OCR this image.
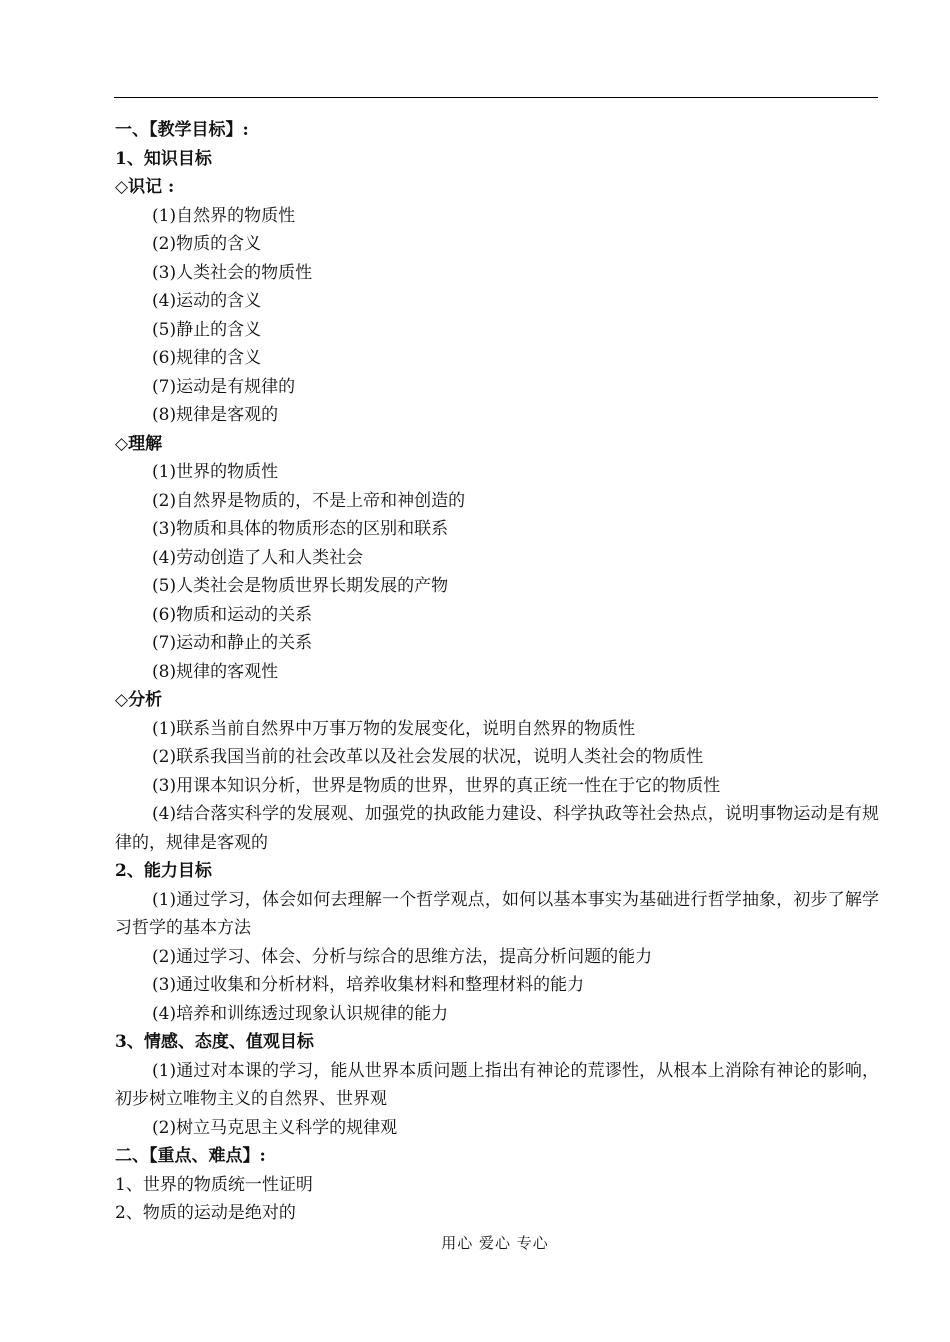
一、【教学目标】:
1、知识目标
◇识记 :
(1)自然界的物质性
(2)物质的含义
(3)人类社会的物质性
(4)运动的含义
(5)静止的含义
(6)规律的含义
(7)运动是有规律的
(8)规律是客观的
◇理解
(1)世界的物质性
(2)自然界是物质的，不是上帝和神创造的
(3)物质和具体的物质形态的区别和联系
(4)劳动创造了人和人类社会
(5)人类社会是物质世界长期发展的产物
(6)物质和运动的关系
(7)运动和静止的关系
(8)规律的客观性
◇分析
(1)联系当前自然界中万事万物的发展变化，说明自然界的物质性
(2)联系我国当前的社会改革以及社会发展的状况，说明人类社会的物质性
(3)用课本知识分析，世界是物质的世界，世界的真正统一性在于它的物质性
(4)结合落实科学的发展观、加强党的执政能力建设、科学执政等社会热点，说明事物运动是有规律的，规律是客观的
2、能力目标
(1)通过学习，体会如何去理解一个哲学观点，如何以基本事实为基础进行哲学抽象，初步了解学习哲学的基本方法
(2)通过学习、体会、分析与综合的思维方法，提高分析问题的能力
(3)通过收集和分析材料，培养收集材料和整理材料的能力
(4)培养和训练透过现象认识规律的能力
3、情感、态度、值观目标
(1)通过对本课的学习，能从世界本质问题上指出有神论的荒谬性，从根本上消除有神论的影响，初步树立唯物主义的自然界、世界观
(2)树立马克思主义科学的规律观
二、【重点、难点】:
1、世界的物质统一性证明
2、物质的运动是绝对的
用心 爱心 专心
